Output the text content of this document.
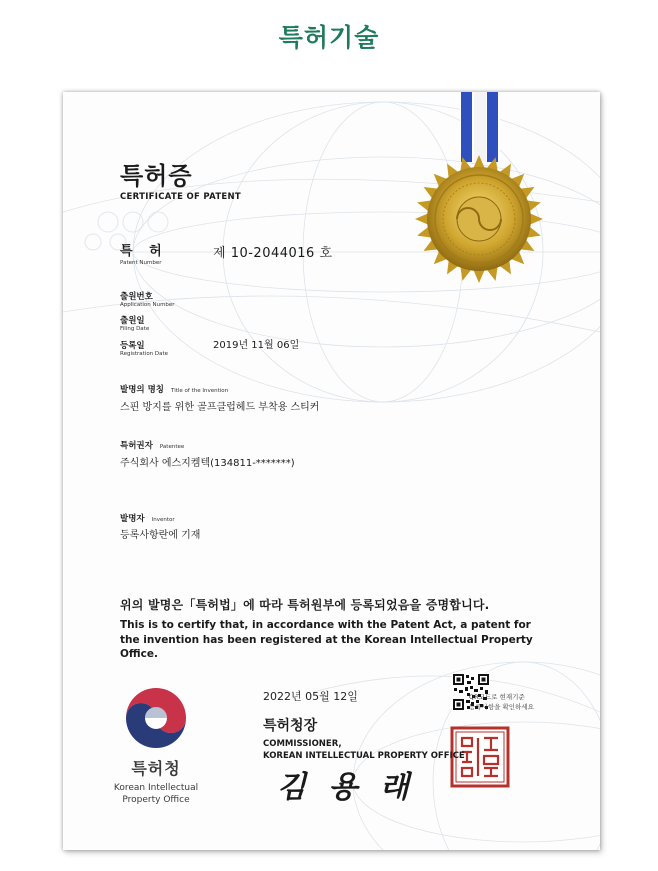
특허기술

특허증

CERTIFICATE OF PATENT

특 허

Patent Number

제 10-2044016 호

출원번호

Application Number

출원일

Filing Date

등록일

Registration Date

2019년 11월 06일

발명의 명칭 Title of the Invention

스핀 방지를 위한 골프클럽헤드 부착용 스티커

특허권자 Patentee

주식회사 에스지켐텍(134811-*******)

발명자 Inventor

등록사항란에 기재

위의 발명은「특허법」에 따라 특허원부에 등록되었음을 증명합니다.

This is to certify that, in accordance with the Patent Act, a patent for the invention has been registered at the Korean Intellectual Property Office.

2022년 05월 12일

특허청장

COMMISSIONER,
KOREAN INTELLECTUAL PROPERTY OFFICE

김 용 래

QR코드로 현재기준
등록사항을 확인하세요

특허청

Korean Intellectual
Property Office
